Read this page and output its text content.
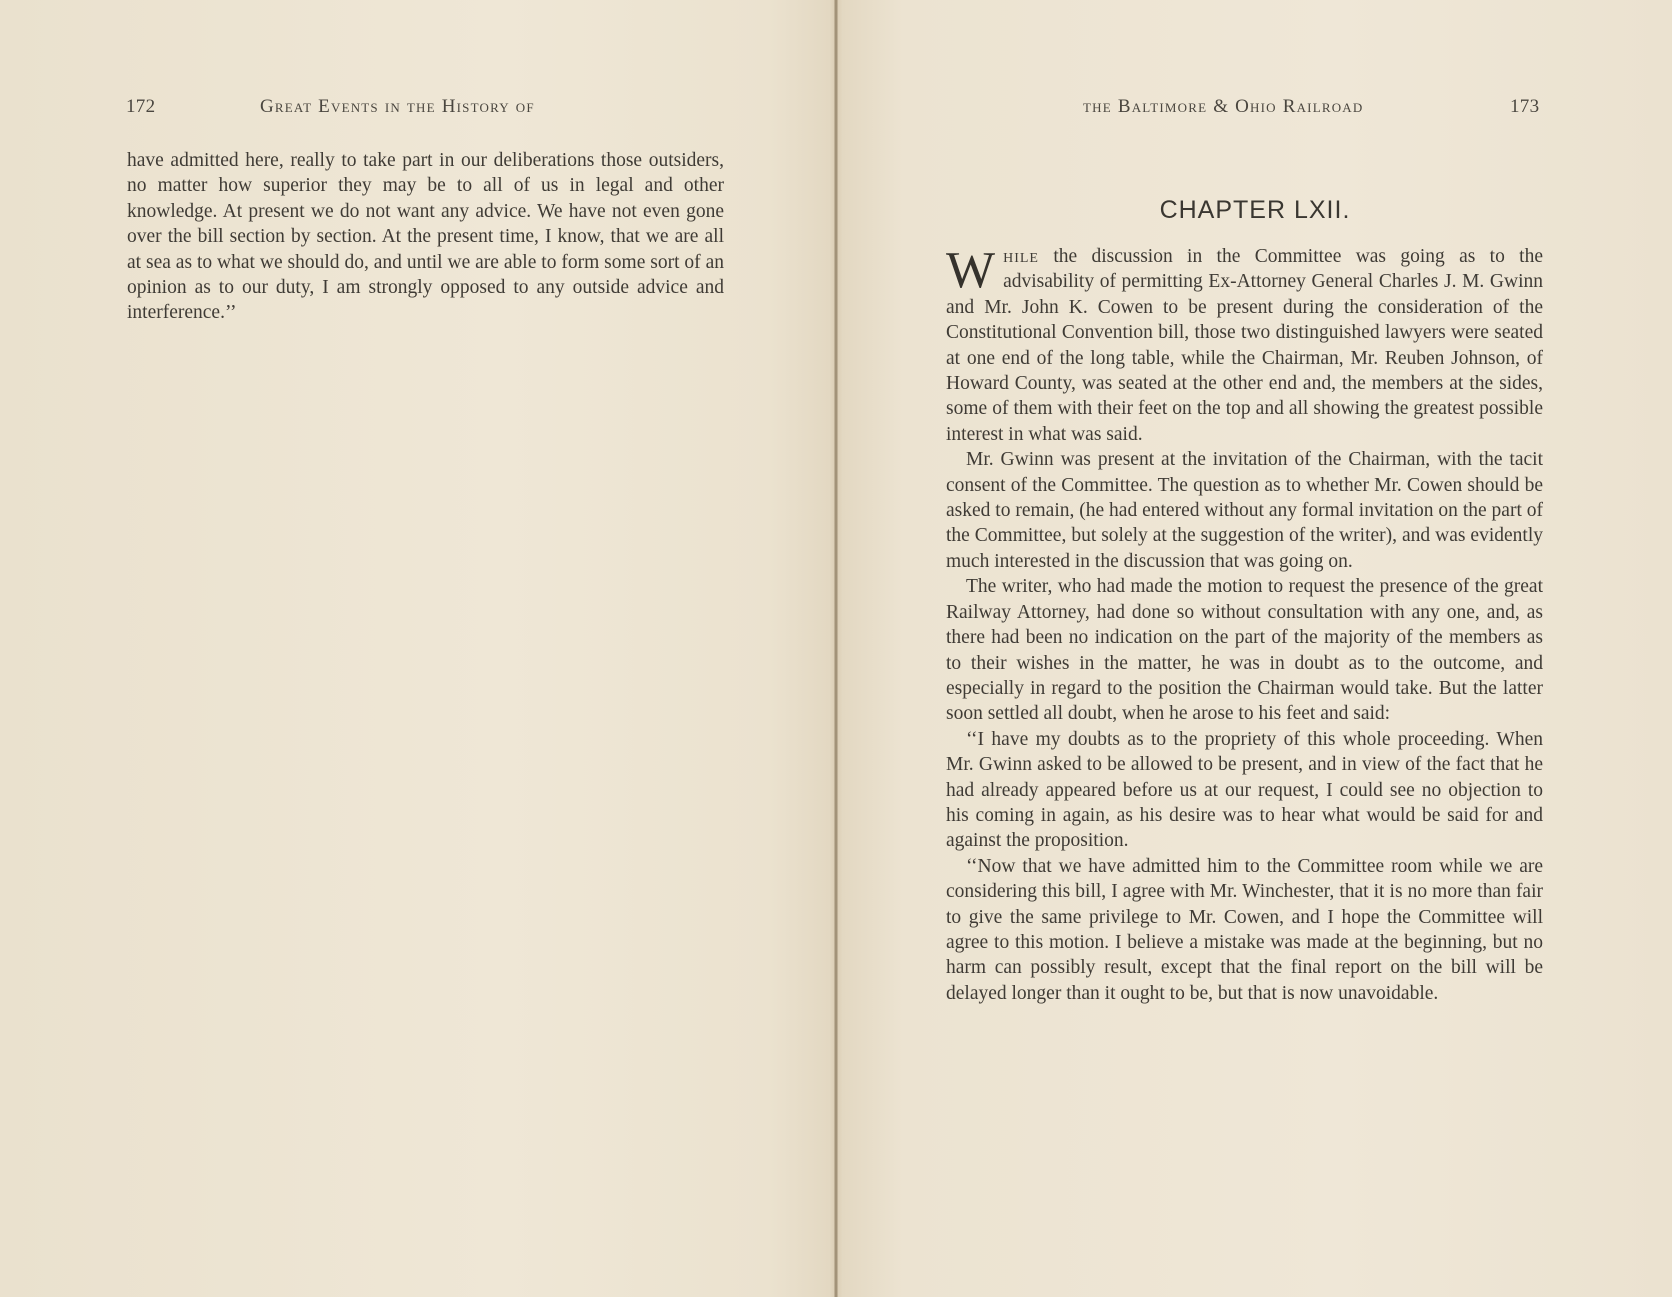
172	Great Events in the History of

have admitted here, really to take part in our deliberations those outsiders, no matter how superior they may be to all of us in legal and other knowledge. At present we do not want any advice. We have not even gone over the bill section by section. At the present time, I know, that we are all at sea as to what we should do, and until we are able to form some sort of an opinion as to our duty, I am strongly opposed to any outside advice and interference.’’

the Baltimore & Ohio Railroad	173
CHAPTER LXII.

While the discussion in the Committee was going as to the advisability of permitting Ex-Attorney General Charles J. M. Gwinn and Mr. John K. Cowen to be present during the consideration of the Constitutional Convention bill, those two distinguished lawyers were seated at one end of the long table, while the Chairman, Mr. Reuben Johnson, of Howard County, was seated at the other end and, the members at the sides, some of them with their feet on the top and all showing the greatest possible interest in what was said.

Mr. Gwinn was present at the invitation of the Chairman, with the tacit consent of the Committee. The question as to whether Mr. Cowen should be asked to remain, (he had entered without any formal invitation on the part of the Committee, but solely at the suggestion of the writer), and was evidently much interested in the discussion that was going on.

The writer, who had made the motion to request the presence of the great Railway Attorney, had done so without consultation with any one, and, as there had been no indication on the part of the majority of the members as to their wishes in the matter, he was in doubt as to the outcome, and especially in regard to the position the Chairman would take. But the latter soon settled all doubt, when he arose to his feet and said:

‘‘I have my doubts as to the propriety of this whole proceeding. When Mr. Gwinn asked to be allowed to be present, and in view of the fact that he had already appeared before us at our request, I could see no objection to his coming in again, as his desire was to hear what would be said for and against the proposition.

‘‘Now that we have admitted him to the Committee room while we are considering this bill, I agree with Mr. Winchester, that it is no more than fair to give the same privilege to Mr. Cowen, and I hope the Committee will agree to this motion. I believe a mistake was made at the beginning, but no harm can possibly result, except that the final report on the bill will be delayed longer than it ought to be, but that is now unavoidable.
